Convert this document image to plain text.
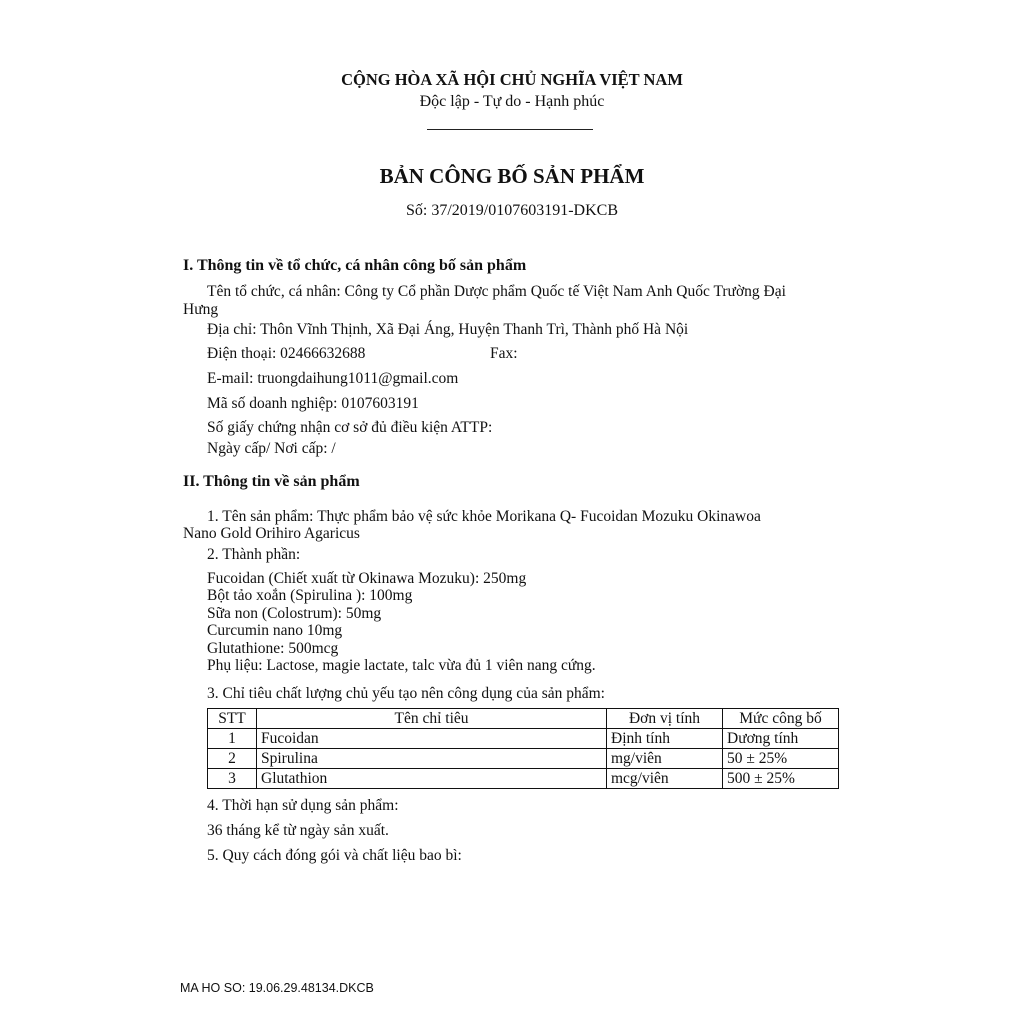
CỘNG HÒA XÃ HỘI CHỦ NGHĨA VIỆT NAM
Độc lập - Tự do - Hạnh phúc
BẢN CÔNG BỐ SẢN PHẨM
Số: 37/2019/0107603191-DKCB
I. Thông tin về tổ chức, cá nhân công bố sản phẩm
Tên tổ chức, cá nhân: Công ty Cổ phần Dược phẩm Quốc tế Việt Nam Anh Quốc Trường Đại
Hưng
Địa chỉ: Thôn Vĩnh Thịnh, Xã Đại Áng, Huyện Thanh Trì, Thành phố Hà Nội
Điện thoại: 02466632688	Fax:
E-mail: truongdaihung1011@gmail.com
Mã số doanh nghiệp: 0107603191
Số giấy chứng nhận cơ sở đủ điều kiện ATTP:
Ngày cấp/ Nơi cấp: /
II. Thông tin về sản phẩm
1. Tên sản phẩm: Thực phẩm bảo vệ sức khỏe Morikana Q- Fucoidan Mozuku Okinawoa
Nano Gold Orihiro Agaricus
2. Thành phần:
Fucoidan (Chiết xuất từ Okinawa Mozuku): 250mg
Bột tảo xoắn (Spirulina ): 100mg
Sữa non (Colostrum): 50mg
Curcumin nano 10mg
Glutathione: 500mcg
Phụ liệu: Lactose, magie lactate, talc vừa đủ 1 viên nang cứng.
3. Chỉ tiêu chất lượng chủ yếu tạo nên công dụng của sản phẩm:
STT	Tên chỉ tiêu	Đơn vị tính	Mức công bố
1	Fucoidan	Định tính	Dương tính
2	Spirulina	mg/viên	50 ± 25%
3	Glutathion	mcg/viên	500 ± 25%
4. Thời hạn sử dụng sản phẩm:
36 tháng kể từ ngày sản xuất.
5. Quy cách đóng gói và chất liệu bao bì:
MA HO SO: 19.06.29.48134.DKCB
